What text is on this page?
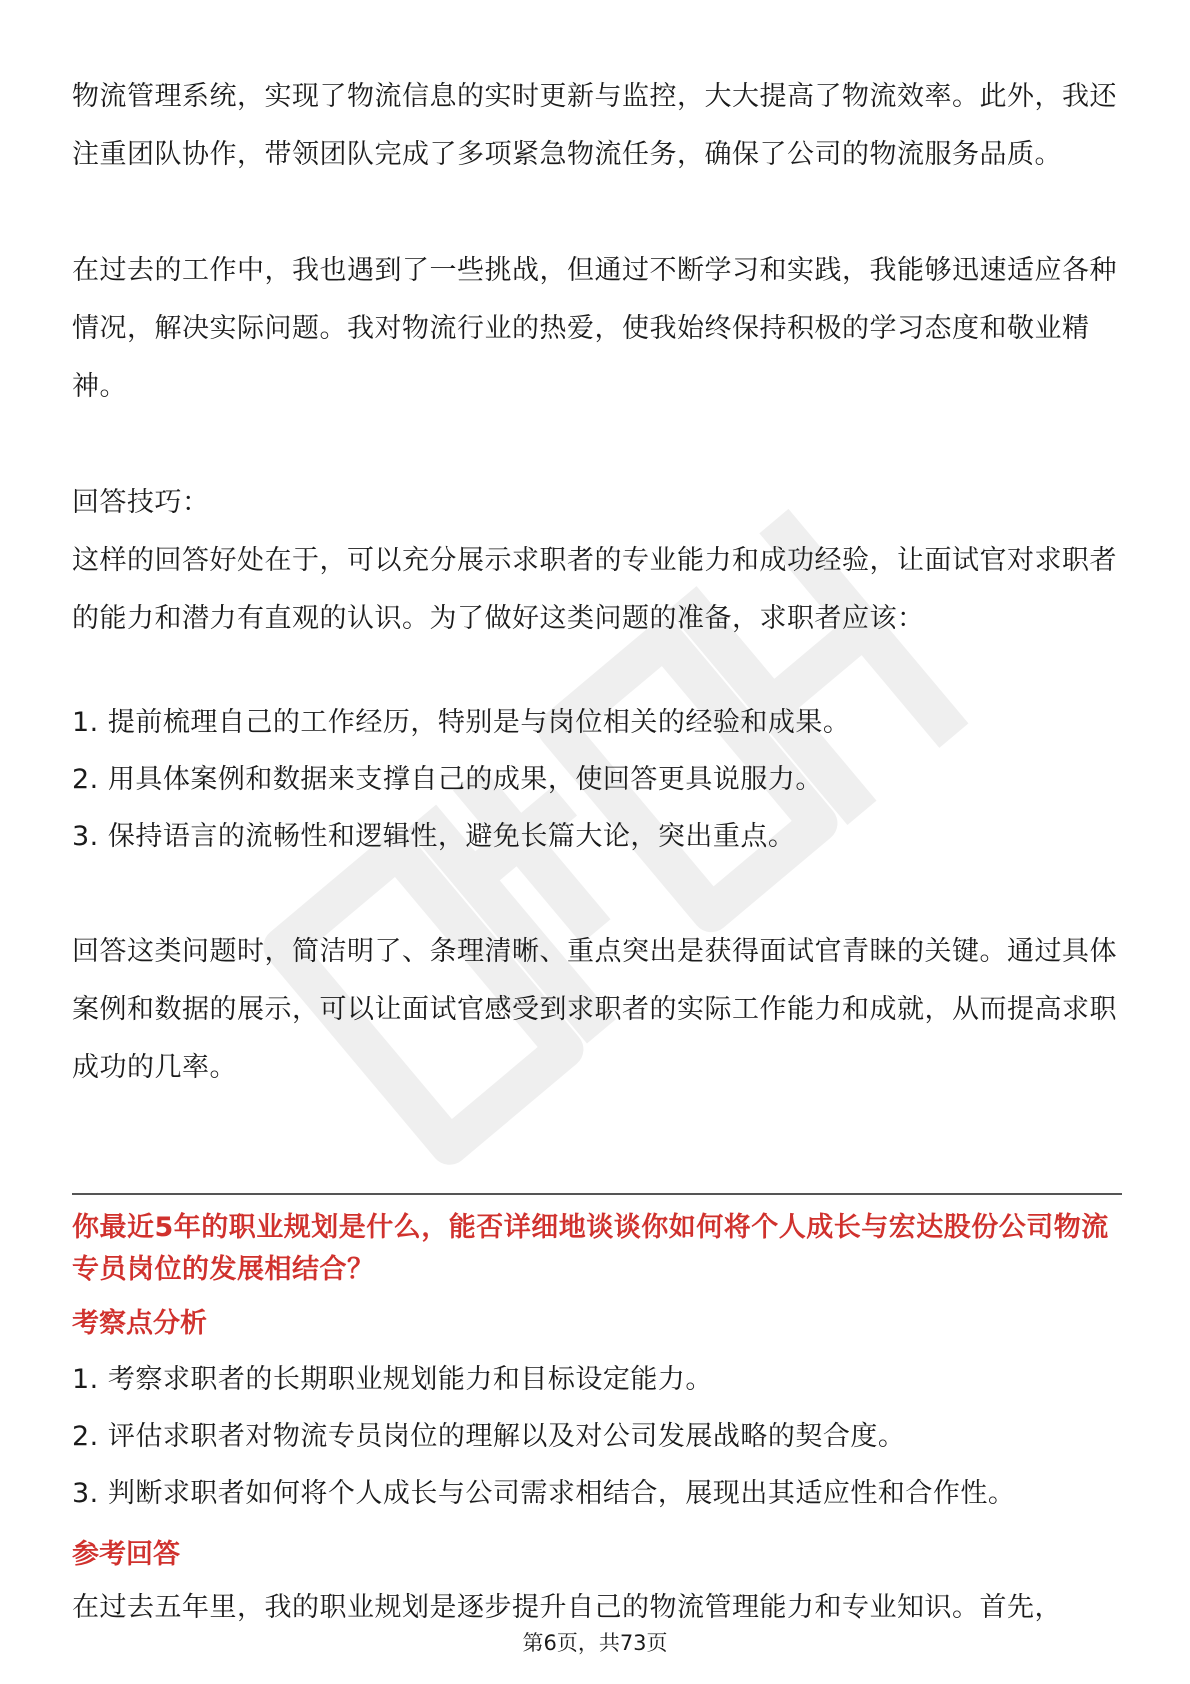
物流管理系统，实现了物流信息的实时更新与监控，大大提高了物流效率。此外，我还注重团队协作，带领团队完成了多项紧急物流任务，确保了公司的物流服务品质。

在过去的工作中，我也遇到了一些挑战，但通过不断学习和实践，我能够迅速适应各种情况，解决实际问题。我对物流行业的热爱，使我始终保持积极的学习态度和敬业精神。

回答技巧：

这样的回答好处在于，可以充分展示求职者的专业能力和成功经验，让面试官对求职者的能力和潜力有直观的认识。为了做好这类问题的准备，求职者应该：

1. 提前梳理自己的工作经历，特别是与岗位相关的经验和成果。

2. 用具体案例和数据来支撑自己的成果，使回答更具说服力。

3. 保持语言的流畅性和逻辑性，避免长篇大论，突出重点。

回答这类问题时，简洁明了、条理清晰、重点突出是获得面试官青睐的关键。通过具体案例和数据的展示，可以让面试官感受到求职者的实际工作能力和成就，从而提高求职成功的几率。

你最近5年的职业规划是什么，能否详细地谈谈你如何将个人成长与宏达股份公司物流专员岗位的发展相结合？

考察点分析

1. 考察求职者的长期职业规划能力和目标设定能力。

2. 评估求职者对物流专员岗位的理解以及对公司发展战略的契合度。

3. 判断求职者如何将个人成长与公司需求相结合，展现出其适应性和合作性。

参考回答

在过去五年里，我的职业规划是逐步提升自己的物流管理能力和专业知识。首先，

第6页，共73页
